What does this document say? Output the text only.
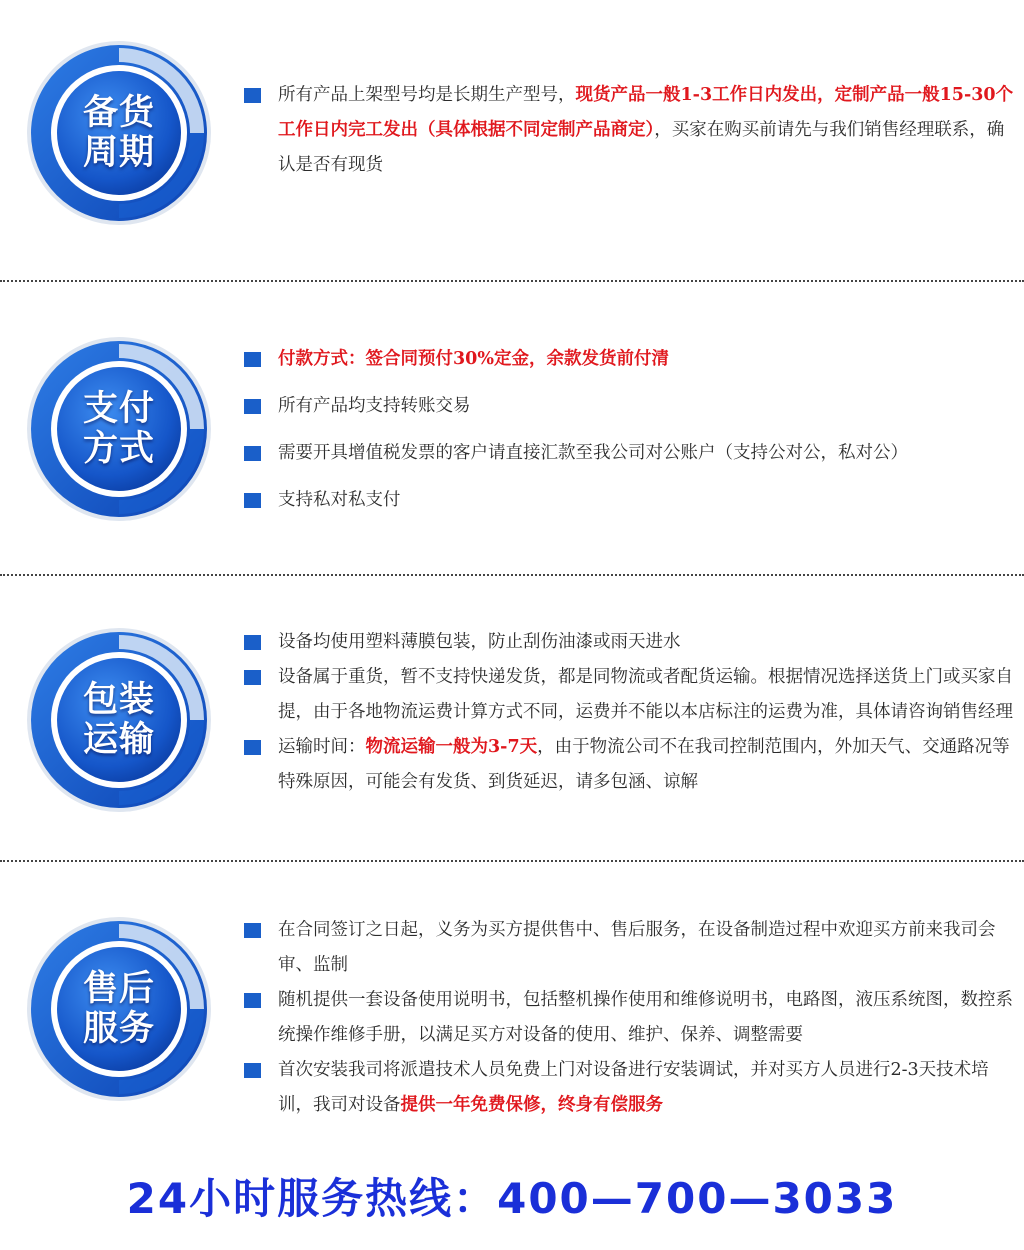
备货
周期
所有产品上架型号均是长期生产型号，现货产品一般1-3工作日内发出，定制产品一般15-30个工作日内完工发出（具体根据不同定制产品商定），买家在购买前请先与我们销售经理联系，确认是否有现货
支付
方式
付款方式：签合同预付30%定金，余款发货前付清
所有产品均支持转账交易
需要开具增值税发票的客户请直接汇款至我公司对公账户（支持公对公，私对公）
支持私对私支付
包装
运输
设备均使用塑料薄膜包装，防止刮伤油漆或雨天进水
设备属于重货，暂不支持快递发货，都是同物流或者配货运输。根据情况选择送货上门或买家自提，由于各地物流运费计算方式不同，运费并不能以本店标注的运费为准，具体请咨询销售经理
运输时间：物流运输一般为3-7天，由于物流公司不在我司控制范围内，外加天气、交通路况等特殊原因，可能会有发货、到货延迟，请多包涵、谅解
售后
服务
在合同签订之日起，义务为买方提供售中、售后服务，在设备制造过程中欢迎买方前来我司会审、监制
随机提供一套设备使用说明书，包括整机操作使用和维修说明书，电路图，液压系统图，数控系统操作维修手册，以满足买方对设备的使用、维护、保养、调整需要
首次安装我司将派遣技术人员免费上门对设备进行安装调试，并对买方人员进行2-3天技术培训，我司对设备提供一年免费保修，终身有偿服务
24小时服务热线：400—700—3033
